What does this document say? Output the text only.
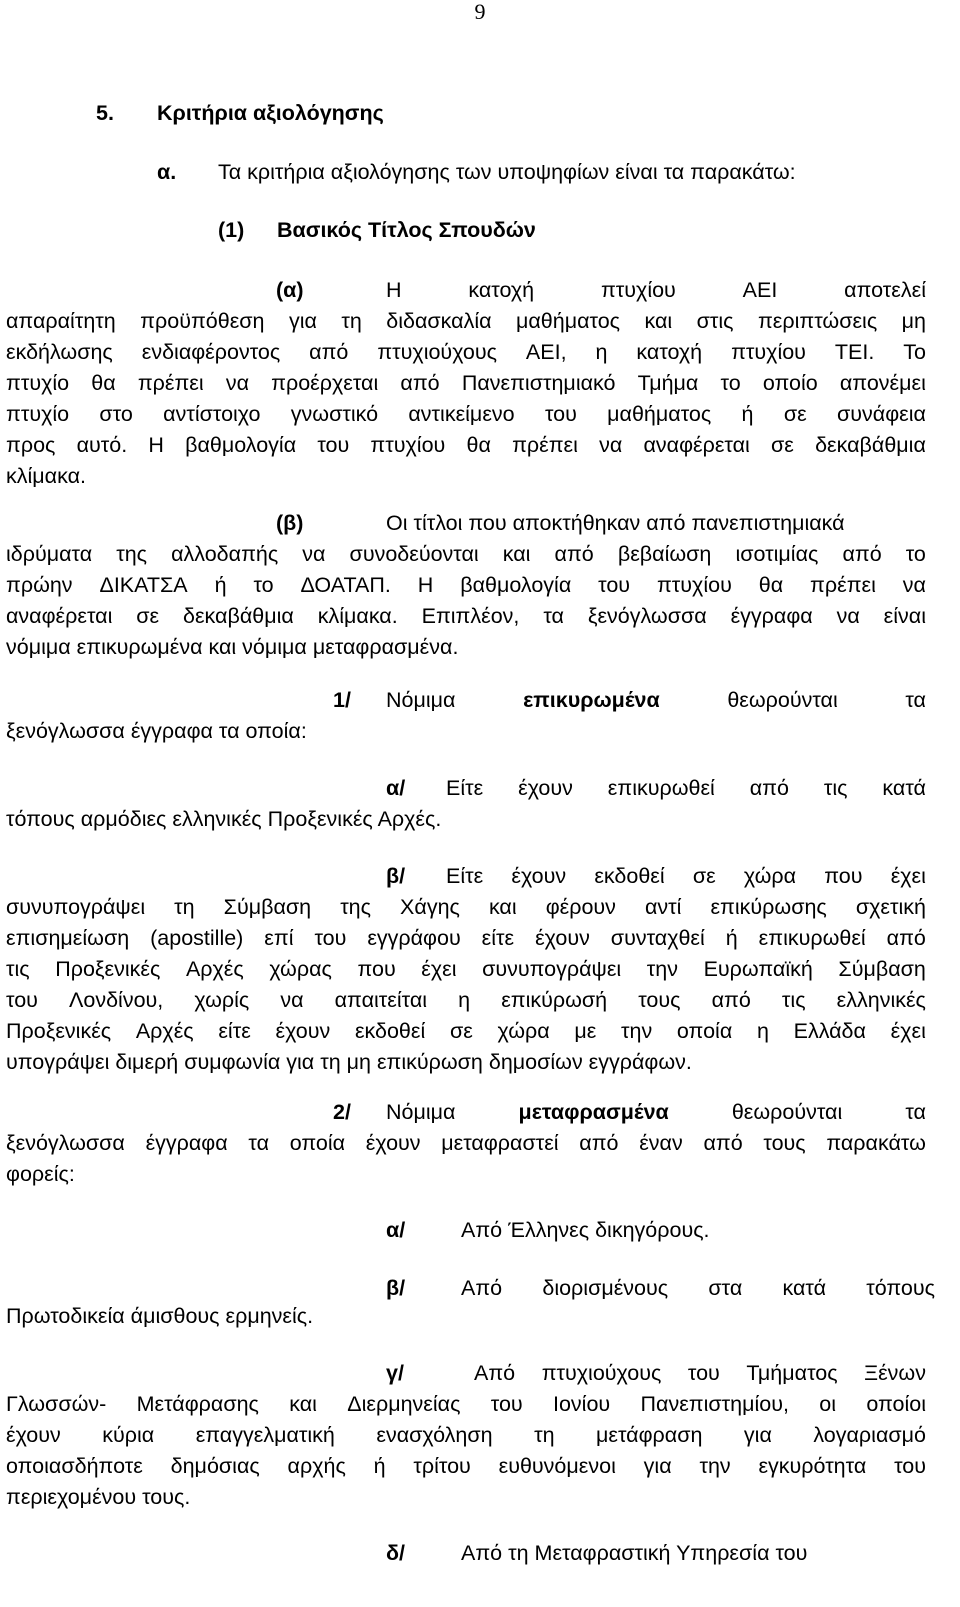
9
5. Κριτήρια αξιολόγησης
α. Τα κριτήρια αξιολόγησης των υποψηφίων είναι τα παρακάτω:
(1) Βασικός Τίτλος Σπουδών
(α)	Η	κατοχή	πτυχίου	ΑΕΙ	αποτελεί
απαραίτητη προϋπόθεση για τη διδασκαλία μαθήματος και στις περιπτώσεις μη
εκδήλωσης ενδιαφέροντος από πτυχιούχους ΑΕΙ, η κατοχή πτυχίου ΤΕΙ. Το
πτυχίο θα πρέπει να προέρχεται από Πανεπιστημιακό Τμήμα το οποίο απονέμει
πτυχίο στο αντίστοιχο γνωστικό αντικείμενο του μαθήματος ή σε συνάφεια
προς αυτό. Η βαθμολογία του πτυχίου θα πρέπει να αναφέρεται σε δεκαβάθμια
κλίμακα.
(β)	Οι τίτλοι που αποκτήθηκαν από πανεπιστημιακά
ιδρύματα της αλλοδαπής να συνοδεύονται και από βεβαίωση ισοτιμίας από το
πρώην ΔΙΚΑΤΣΑ ή το ΔΟΑΤΑΠ. Η βαθμολογία του πτυχίου θα πρέπει να
αναφέρεται σε δεκαβάθμια κλίμακα. Επιπλέον, τα ξενόγλωσσα έγγραφα να είναι
νόμιμα επικυρωμένα και νόμιμα μεταφρασμένα.
1/ Νόμιμα	επικυρωμένα	θεωρούνται	τα
ξενόγλωσσα έγγραφα τα οποία:
α/ Είτε έχουν επικυρωθεί από τις κατά
τόπους αρμόδιες ελληνικές Προξενικές Αρχές.
β/ Είτε έχουν εκδοθεί σε χώρα που έχει
συνυπογράψει τη Σύμβαση της Χάγης και φέρουν αντί επικύρωσης σχετική
επισημείωση (apostille) επί του εγγράφου είτε έχουν συνταχθεί ή επικυρωθεί από
τις Προξενικές Αρχές χώρας που έχει συνυπογράψει την Ευρωπαϊκή Σύμβαση
του Λονδίνου, χωρίς να απαιτείται η επικύρωσή τους από τις ελληνικές
Προξενικές Αρχές είτε έχουν εκδοθεί σε χώρα με την οποία η Ελλάδα έχει
υπογράψει διμερή συμφωνία για τη μη επικύρωση δημοσίων εγγράφων.
2/ Νόμιμα	μεταφρασμένα	θεωρούνται	τα
ξενόγλωσσα έγγραφα τα οποία έχουν μεταφραστεί από έναν από τους παρακάτω
φορείς:
α/	Από Έλληνες δικηγόρους.
β/	Από διορισμένους στα κατά τόπους
Πρωτοδικεία άμισθους ερμηνείς.
γ/	Από πτυχιούχους του Τμήματος Ξένων
Γλωσσών- Μετάφρασης και Διερμηνείας του Ιονίου Πανεπιστημίου, οι οποίοι
έχουν κύρια επαγγελματική ενασχόληση τη μετάφραση για λογαριασμό
οποιασδήποτε δημόσιας αρχής ή τρίτου ευθυνόμενοι για την εγκυρότητα του
περιεχομένου τους.
δ/	Από τη Μεταφραστική Υπηρεσία του
